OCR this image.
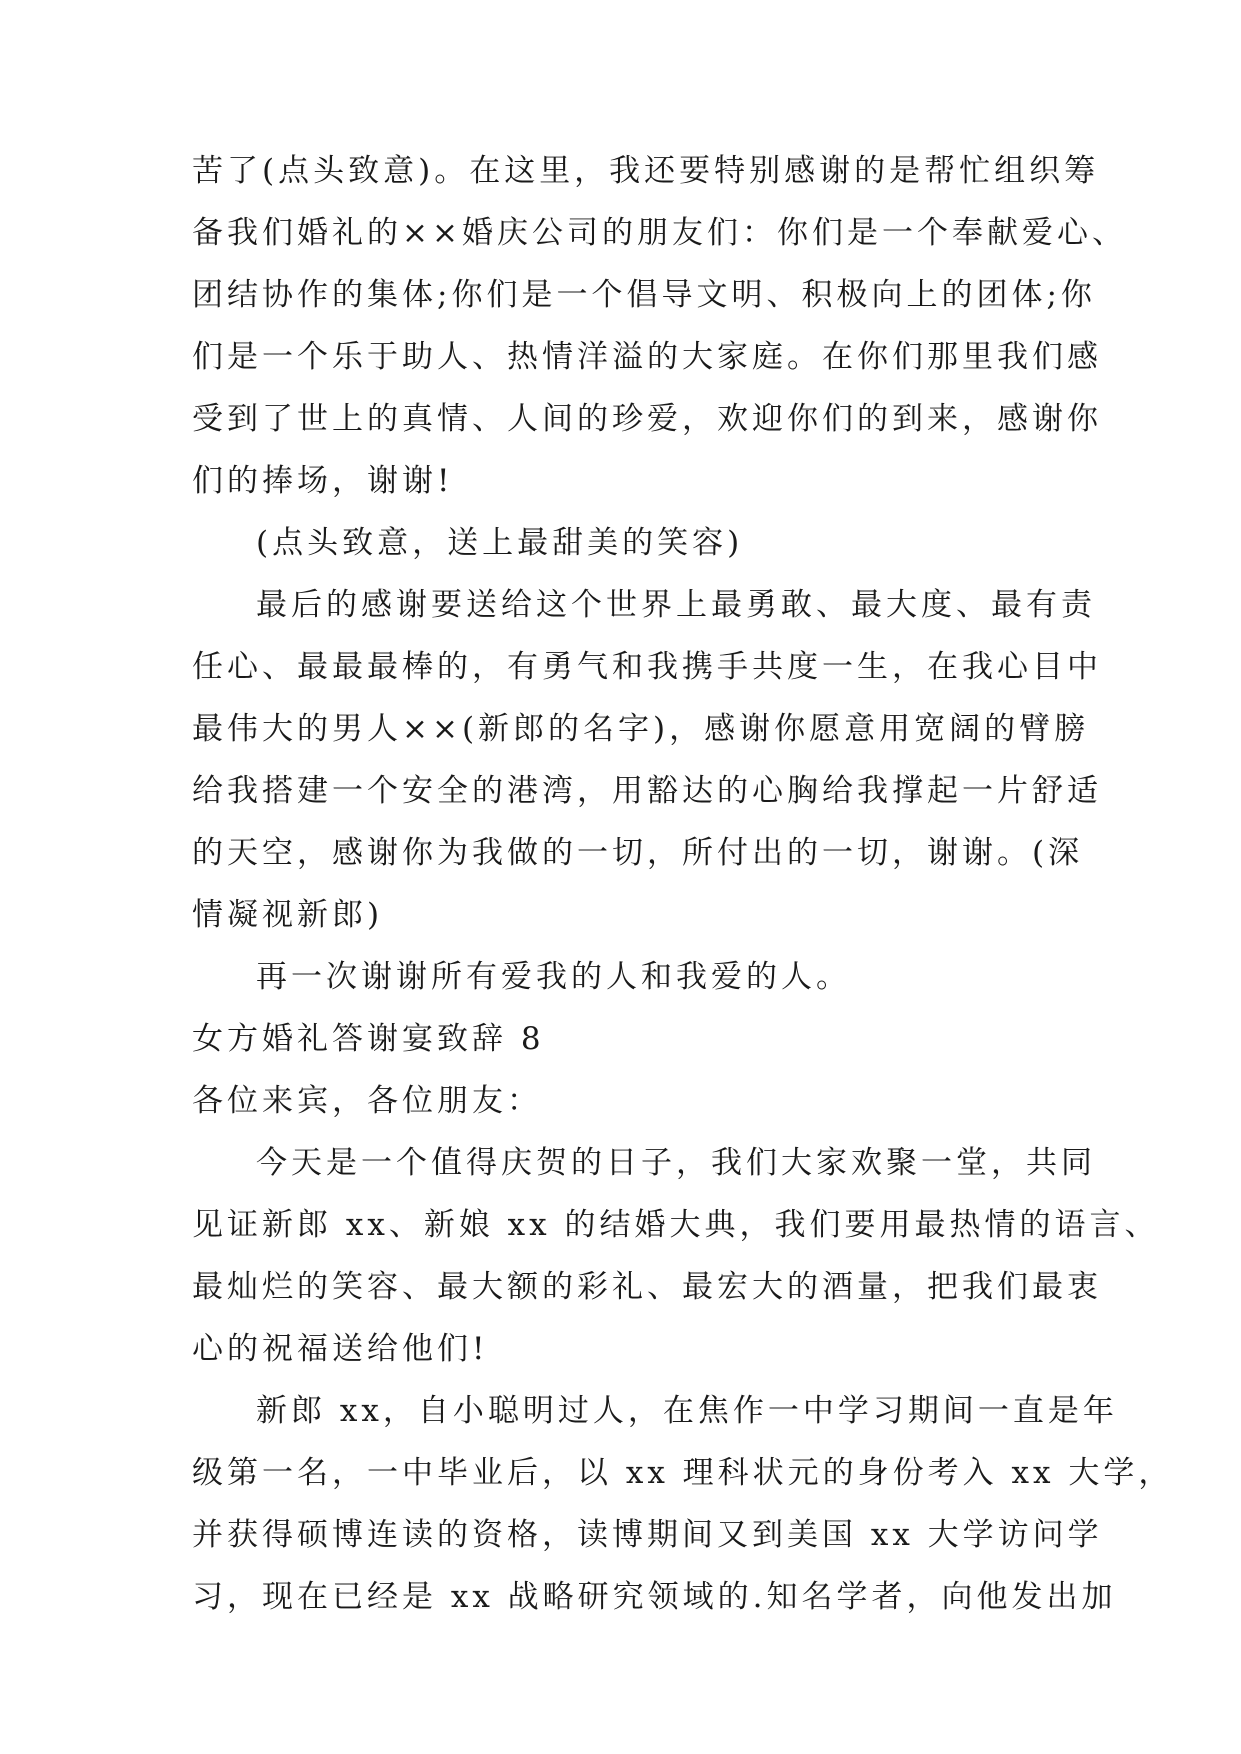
苦了(点头致意)。在这里，我还要特别感谢的是帮忙组织筹
备我们婚礼的××婚庆公司的朋友们：你们是一个奉献爱心、
团结协作的集体;你们是一个倡导文明、积极向上的团体;你
们是一个乐于助人、热情洋溢的大家庭。在你们那里我们感
受到了世上的真情、人间的珍爱，欢迎你们的到来，感谢你
们的捧场，谢谢!
(点头致意，送上最甜美的笑容)
最后的感谢要送给这个世界上最勇敢、最大度、最有责
任心、最最最棒的，有勇气和我携手共度一生，在我心目中
最伟大的男人××(新郎的名字)，感谢你愿意用宽阔的臂膀
给我搭建一个安全的港湾，用豁达的心胸给我撑起一片舒适
的天空，感谢你为我做的一切，所付出的一切，谢谢。(深
情凝视新郎)
再一次谢谢所有爱我的人和我爱的人。
女方婚礼答谢宴致辞 8
各位来宾，各位朋友：
今天是一个值得庆贺的日子，我们大家欢聚一堂，共同
见证新郎 xx、新娘 xx 的结婚大典，我们要用最热情的语言、
最灿烂的笑容、最大额的彩礼、最宏大的酒量，把我们最衷
心的祝福送给他们!
新郎 xx，自小聪明过人，在焦作一中学习期间一直是年
级第一名，一中毕业后，以 xx 理科状元的身份考入 xx 大学，
并获得硕博连读的资格，读博期间又到美国 xx 大学访问学
习，现在已经是 xx 战略研究领域的.知名学者，向他发出加
